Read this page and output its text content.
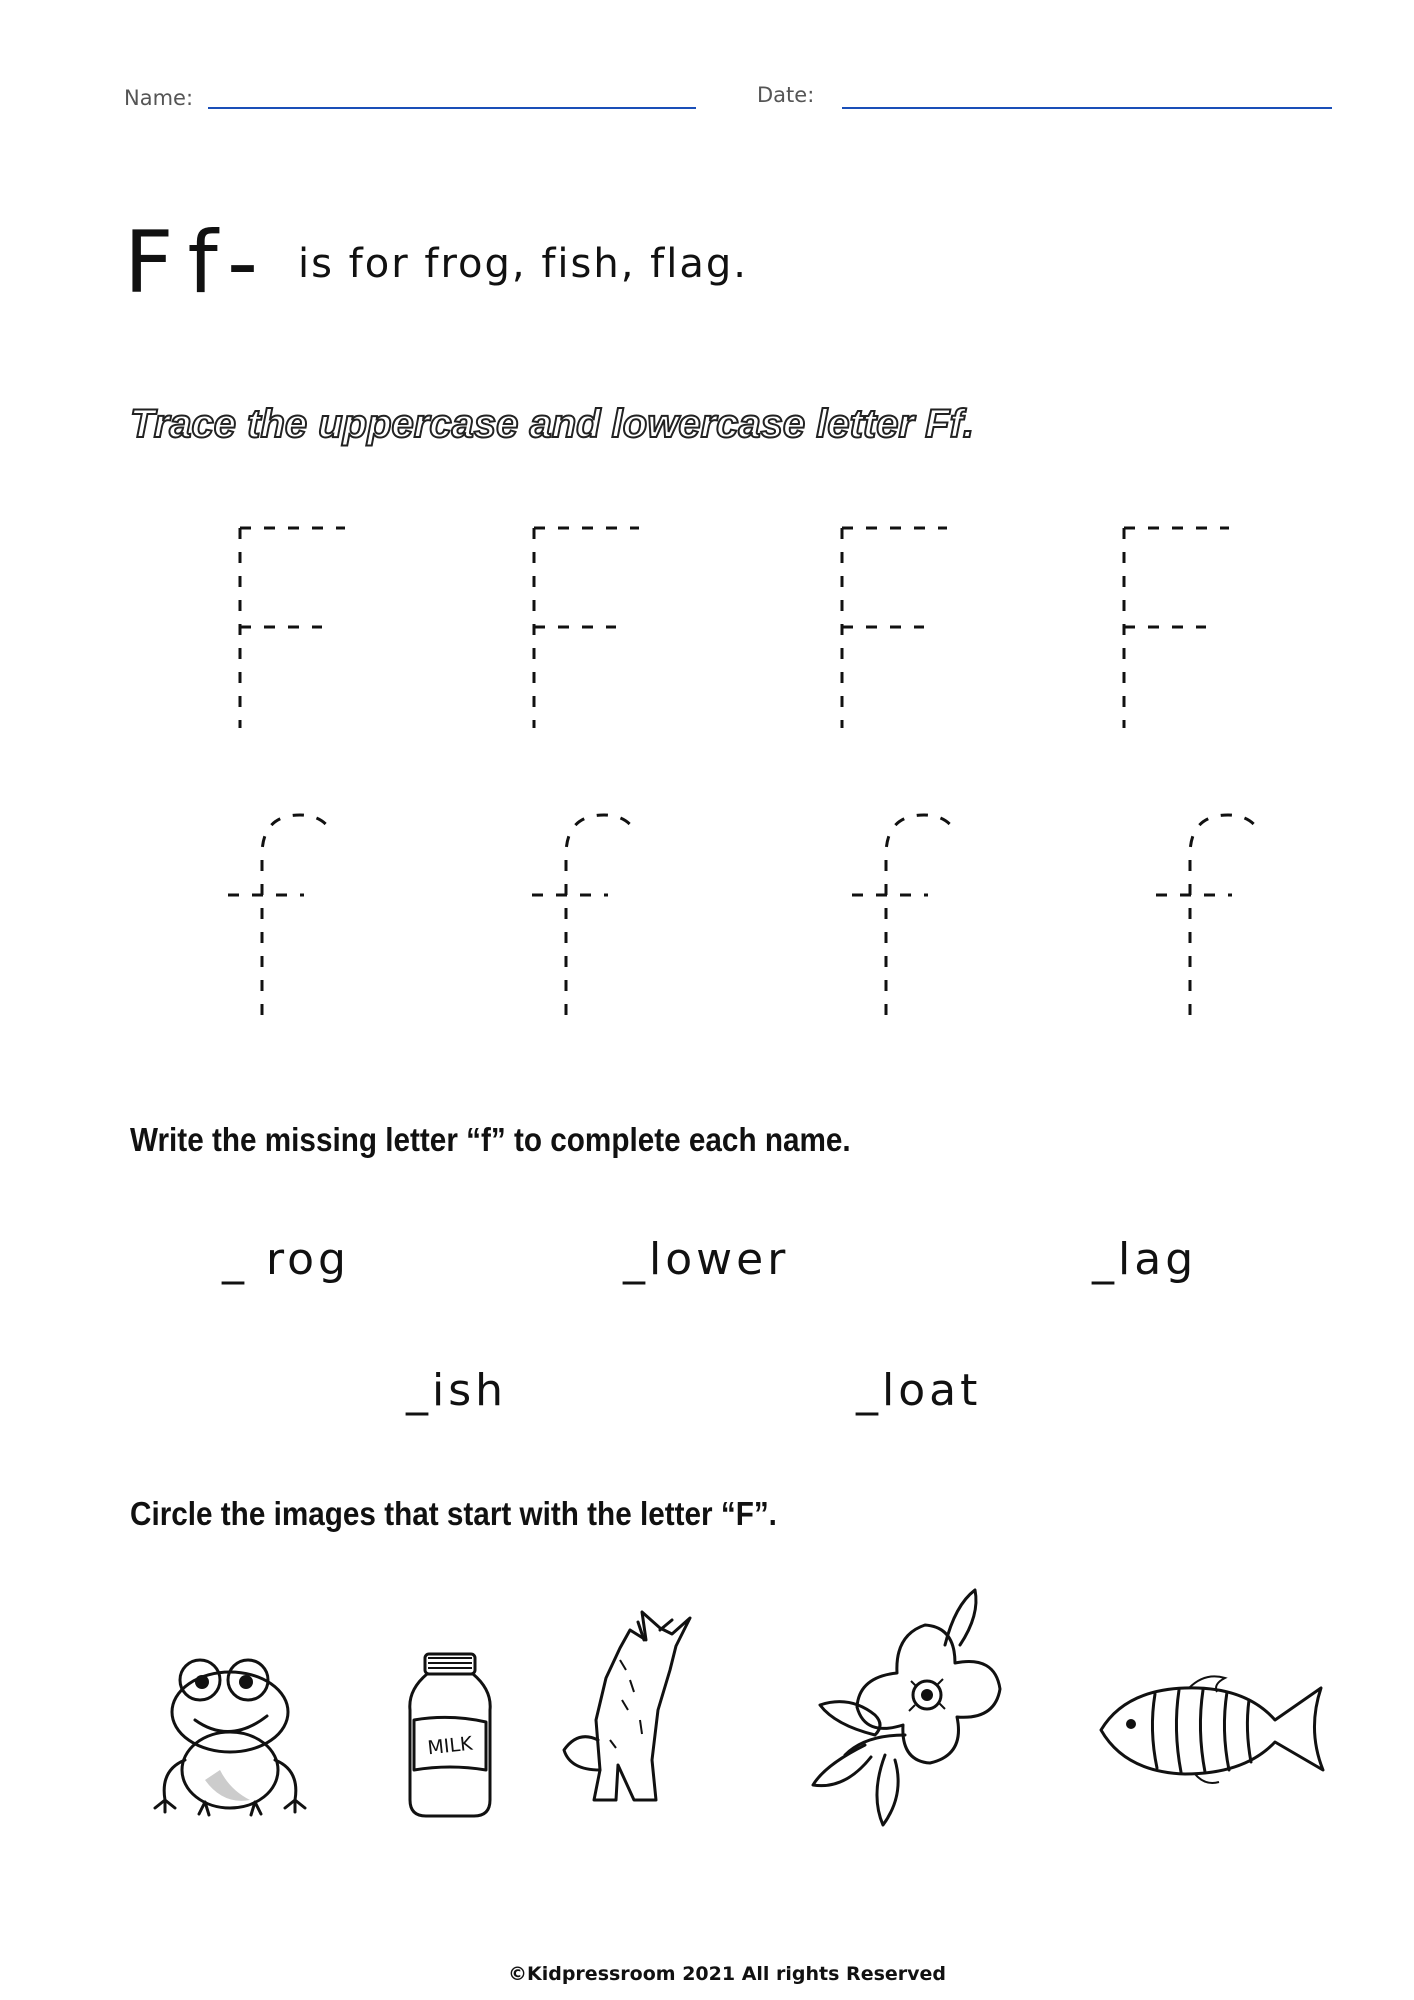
Name:	Date:
Ff- is for frog, fish, flag.
Trace the uppercase and lowercase letter Ff.
Write the missing letter “f” to complete each name.
_ rog	_lower	_lag
_ish	_loat
Circle the images that start with the letter “F”.
MILK
©Kidpressroom 2021 All rights Reserved
